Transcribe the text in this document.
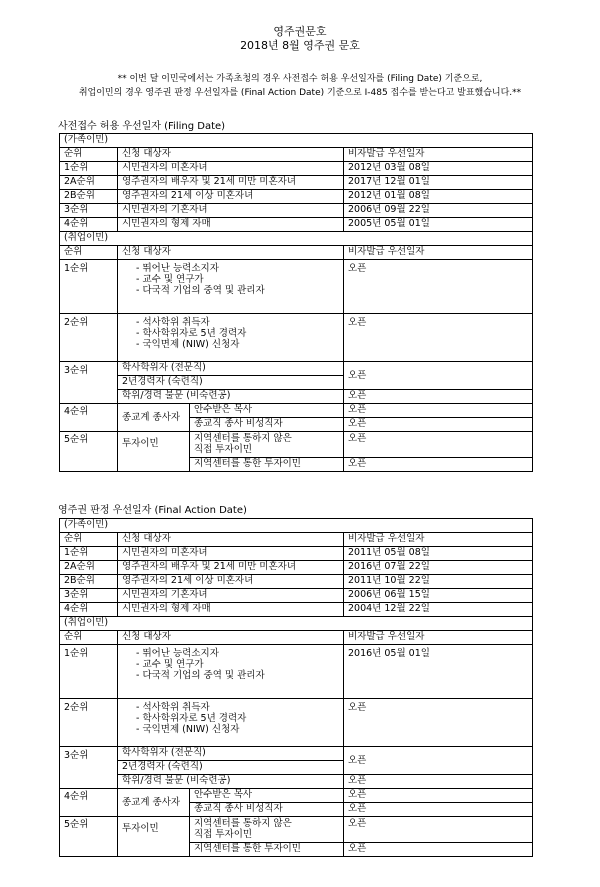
영주권문호
2018년 8월 영주권 문호
** 이번 달 이민국에서는 가족초청의 경우 사전접수 허용 우선일자를 (Filing Date) 기준으로,
취업이민의 경우 영주권 판정 우선일자를 (Final Action Date) 기준으로 I-485 접수를 받는다고 발표했습니다.**
사전접수 허용 우선일자 (Filing Date)
(가족이민)			
순위	신청 대상자		비자발급 우선일자
1순위	시민권자의 미혼자녀		2012년 03월 08일
2A순위	영주권자의 배우자 및 21세 미만 미혼자녀		2017년 12월 01일
2B순위	영주권자의 21세 이상 미혼자녀		2012년 01월 08일
3순위	시민권자의 기혼자녀		2006년 09월 22일
4순위	시민권자의 형제 자매		2005년 05월 01일
(취업이민)			
순위	신청 대상자		비자발급 우선일자
1순위	- 뛰어난 능력소지자
- 교수 및 연구가
- 다국적 기업의 중역 및 관리자		오픈
2순위	- 석사학위 취득자
- 학사학위자로 5년 경력자
- 국익면제 (NIW) 신청자		오픈
3순위	학사학위자 (전문직)		오픈
	2년경력자 (숙련직)		
	학위/경력 불문 (비숙련공)		오픈
4순위	종교계 종사자	안수받은 목사	오픈
		종교직 종사 비성직자	오픈
5순위	투자이민	지역센터를 통하지 않은
직접 투자이민	오픈
		지역센터를 통한 투자이민	오픈
영주권 판정 우선일자 (Final Action Date)
(가족이민)			
순위	신청 대상자		비자발급 우선일자
1순위	시민권자의 미혼자녀		2011년 05월 08일
2A순위	영주권자의 배우자 및 21세 미만 미혼자녀		2016년 07월 22일
2B순위	영주권자의 21세 이상 미혼자녀		2011년 10월 22일
3순위	시민권자의 기혼자녀		2006년 06월 15일
4순위	시민권자의 형제 자매		2004년 12월 22일
(취업이민)			
순위	신청 대상자		비자발급 우선일자
1순위	- 뛰어난 능력소지자
- 교수 및 연구가
- 다국적 기업의 중역 및 관리자		2016년 05월 01일
2순위	- 석사학위 취득자
- 학사학위자로 5년 경력자
- 국익면제 (NIW) 신청자		오픈
3순위	학사학위자 (전문직)		오픈
	2년경력자 (숙련직)		
	학위/경력 불문 (비숙련공)		오픈
4순위	종교계 종사자	안수받은 목사	오픈
		종교직 종사 비성직자	오픈
5순위	투자이민	지역센터를 통하지 않은
직접 투자이민	오픈
		지역센터를 통한 투자이민	오픈
